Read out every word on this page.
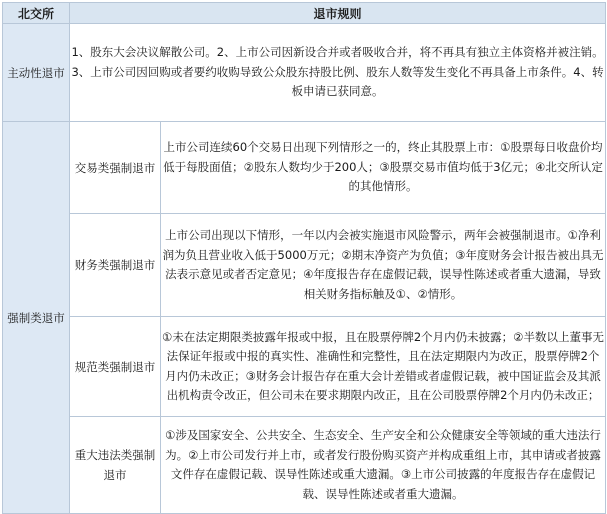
北交所	退市规则	
主动性退市	1、股东大会决议解散公司。2、上市公司因新设合并或者吸收合并，将不再具有独立主体资格并被注销。3、上市公司因回购或者要约收购导致公众股东持股比例、股东人数等发生变化不再具备上市条件。4、转板申请已获同意。	
强制类退市	交易类强制退市	上市公司连续60个交易日出现下列情形之一的，终止其股票上市：①股票每日收盘价均低于每股面值；②股东人数均少于200人；③股票交易市值均低于3亿元；④北交所认定的其他情形。
	财务类强制退市	上市公司出现以下情形，一年以内会被实施退市风险警示，两年会被强制退市。①净利润为负且营业收入低于5000万元；②期末净资产为负值；③年度财务会计报告被出具无法表示意见或者否定意见；④年度报告存在虚假记载，误导性陈述或者重大遗漏，导致相关财务指标触及①、②情形。
	规范类强制退市	①未在法定期限类披露年报或中报，且在股票停牌2个月内仍未披露；②半数以上董事无法保证年报或中报的真实性、准确性和完整性，且在法定期限内为改正，股票停牌2个月内仍未改正；③财务会计报告存在重大会计差错或者虚假记载，被中国证监会及其派出机构责令改正，但公司未在要求期限内改正，且在公司股票停牌2个月内仍未改正；
	重大违法类强制退市	①涉及国家安全、公共安全、生态安全、生产安全和公众健康安全等领域的重大违法行为。②上市公司发行并上市，或者发行股份购买资产并构成重组上市，其申请或者披露文件存在虚假记载、误导性陈述或重大遗漏。③上市公司披露的年度报告存在虚假记载、误导性陈述或者重大遗漏。
